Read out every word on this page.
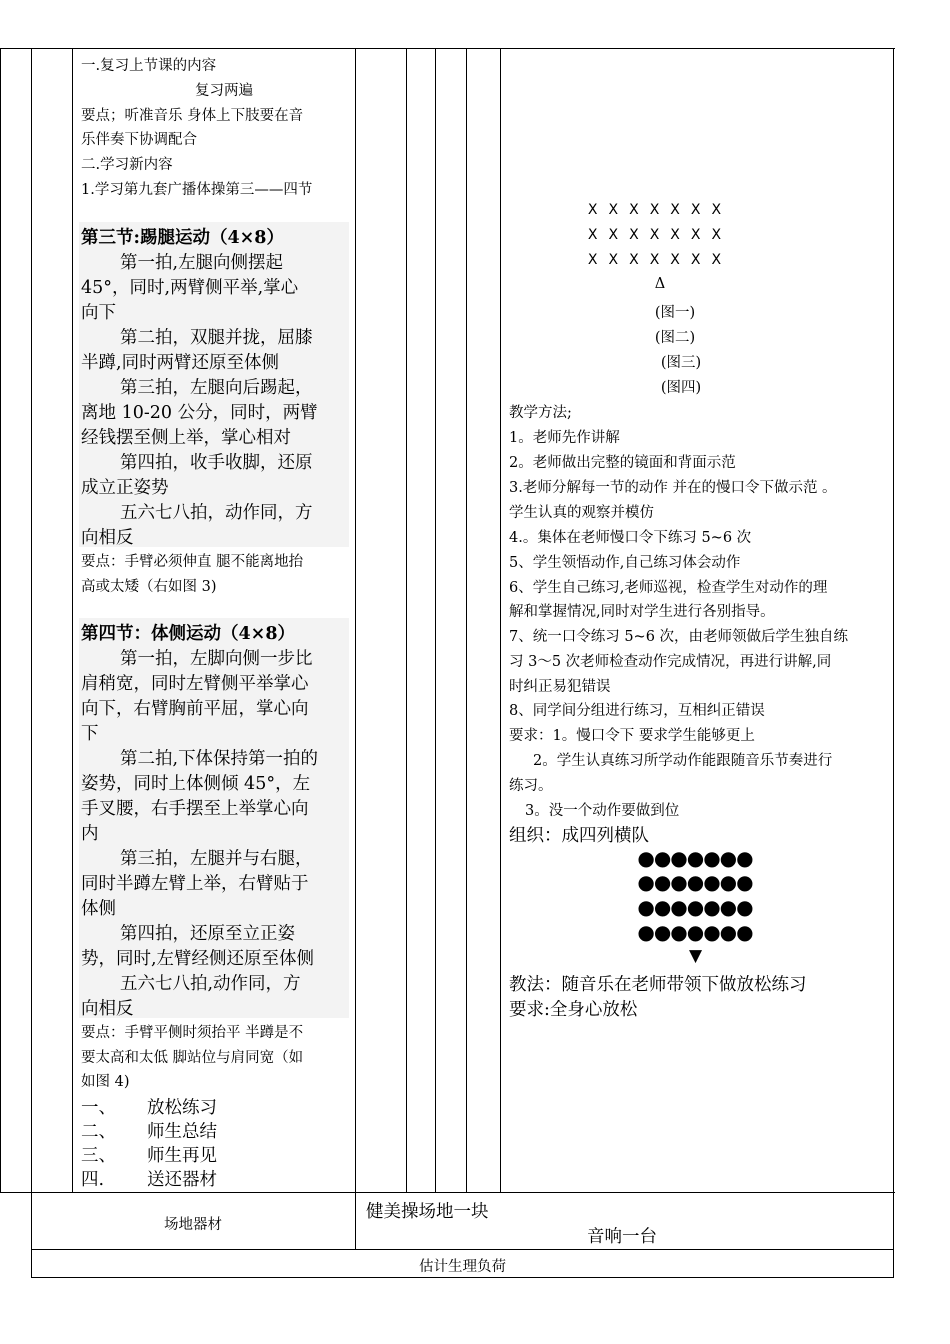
一.复习上节课的内容
复习两遍
要点；听准音乐 身体上下肢要在音
乐伴奏下协调配合
二.学习新内容
1.学习第九套广播体操第三——四节
第三节:踢腿运动（4×8）
第一拍,左腿向侧摆起
45°，同时,两臂侧平举,掌心
向下
第二拍，双腿并拢，屈膝
半蹲,同时两臂还原至体侧
第三拍，左腿向后踢起，
离地 10-20 公分，同时，两臂
经钱摆至侧上举，掌心相对
第四拍，收手收脚，还原
成立正姿势
五六七八拍，动作同，方
向相反
要点：手臂必须伸直 腿不能离地抬
高或太矮（右如图 3)
第四节：体侧运动（4×8）
第一拍，左脚向侧一步比
肩稍宽，同时左臂侧平举掌心
向下，右臂胸前平屈，掌心向
下
第二拍,下体保持第一拍的
姿势，同时上体侧倾 45°，左
手叉腰，右手摆至上举掌心向
内
第三拍，左腿并与右腿，
同时半蹲左臂上举，右臂贴于
体侧
第四拍，还原至立正姿
势，同时,左臂经侧还原至体侧
五六七八拍,动作同，方
向相反
要点：手臂平侧时须抬平 半蹲是不
要太高和太低 脚站位与肩同宽（如
如图 4)
一、 放松练习
二、 师生总结
三、 师生再见
四. 送还器材
XXXXXXX
XXXXXXX
XXXXXXX
Δ
(图一)
(图二)
(图三)
(图四)
教学方法;
1。老师先作讲解
2。老师做出完整的镜面和背面示范
3.老师分解每一节的动作 并在的慢口令下做示范 。
学生认真的观察并模仿
4.。集体在老师慢口令下练习 5~6 次
5、学生领悟动作,自己练习体会动作
6、学生自己练习,老师巡视，检查学生对动作的理
解和掌握情况,同时对学生进行各别指导。
7、统一口令练习 5~6 次，由老师领做后学生独自练
习 3～5 次老师检查动作完成情况，再进行讲解,同
时纠正易犯错误
8、同学间分组进行练习，互相纠正错误
要求：1。慢口令下 要求学生能够更上
2。学生认真练习所学动作能跟随音乐节奏进行
练习。
3。没一个动作要做到位
组织：成四列横队
●●●●●●●
●●●●●●●
●●●●●●●
●●●●●●●
▼
教法：随音乐在老师带领下做放松练习
要求:全身心放松
场地器材
健美操场地一块
音响一台
估计生理负荷
